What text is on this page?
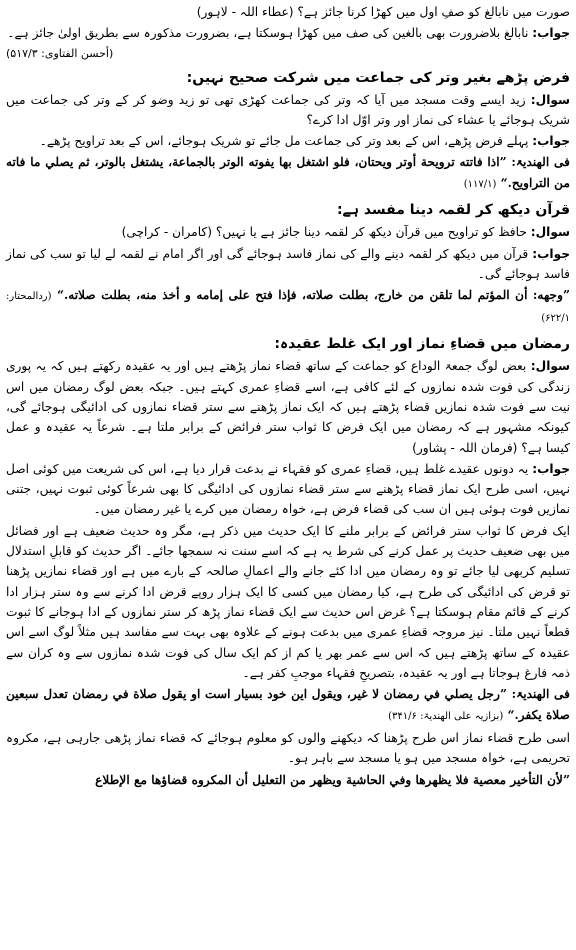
صورت میں نابالغ کو صفِ اول میں کھڑا کرنا جائز ہے؟ (عطاء اللہ - لاہور)

جواب: نابالغ بلاضرورت بھی بالغین کی صف میں کھڑا ہوسکتا ہے، بضرورت مذکورہ سے بطریق اولیٰ جائز ہے۔

(أحسن الفتاوی: ۵۱۷/۳)

فرض پڑھے بغیر وتر کی جماعت میں شرکت صحیح نہیں:

سوال: زید ایسے وقت مسجد میں آیا کہ وتر کی جماعت کھڑی تھی تو زید وضو کر کے وتر کی جماعت میں شریک ہوجائے یا عشاء کی نماز اور وتر اوّل ادا کرے؟

جواب: پہلے فرض پڑھے، اس کے بعد وتر کی جماعت مل جائے تو شریک ہوجائے، اس کے بعد تراویح پڑھے۔

فی الھندیۃ: ”اذا فاتته ترويحة أوتر ويحتان، فلو اشتغل بها يفوته الوتر بالجماعة، يشتغل بالوتر، ثم يصلي ما فاته من التراويح.“ (۱۱۷/۱)

قرآن دیکھ کر لقمہ دینا مفسد ہے:

سوال: حافظ کو تراویح میں قرآن دیکھ کر لقمہ دینا جائز ہے یا نہیں؟ (کامران - کراچی)

جواب: قرآن میں دیکھ کر لقمہ دینے والے کی نماز فاسد ہوجائے گی اور اگر امام نے لقمہ لے لیا تو سب کی نماز فاسد ہوجائے گی۔

”وجهه: أن المؤتم لما تلقن من خارج، بطلت صلاته، فإذا فتح على إمامه و أخذ منه، بطلت صلاته.“ (ردالمحتار: ۶۲۲/۱)

رمضان میں قضاءِ نماز اور ایک غلط عقیدہ:

سوال: بعض لوگ جمعۃ الوداع کو جماعت کے ساتھ قضاء نماز پڑھتے ہیں اور یہ عقیدہ رکھتے ہیں کہ یہ پوری زندگی کی فوت شدہ نمازوں کے لئے کافی ہے، اسے قضاءِ عمری کہتے ہیں۔ جبکہ بعض لوگ رمضان میں اس نیت سے فوت شدہ نمازیں قضاء پڑھتے ہیں کہ ایک نماز پڑھنے سے ستر قضاء نمازوں کی ادائیگی ہوجائے گی، کیونکہ مشہور ہے کہ رمضان میں ایک فرض کا ثواب ستر فرائض کے برابر ملتا ہے۔ شرعاً یہ عقیدہ و عمل کیسا ہے؟ (فرمان اللہ - پشاور)

جواب: یہ دونوں عقیدے غلط ہیں، قضاءِ عمری کو فقہاء نے بدعت قرار دیا ہے، اس کی شریعت میں کوئی اصل نہیں، اسی طرح ایک نماز قضاء پڑھنے سے ستر قضاء نمازوں کی ادائیگی کا بھی شرعاً کوئی ثبوت نہیں، جتنی نمازیں فوت ہوئی ہیں ان سب کی قضاء فرض ہے، خواہ رمضان میں کرے یا غیر رمضان میں۔

ایک فرض کا ثواب ستر فرائض کے برابر ملنے کا ایک حدیث میں ذکر ہے، مگر وہ حدیث ضعیف ہے اور فضائل میں بھی ضعیف حدیث پر عمل کرنے کی شرط یہ ہے کہ اسے سنت نہ سمجھا جائے۔ اگر حدیث کو قابلِ استدلال تسلیم کربھی لیا جائے تو وہ رمضان میں ادا کئے جانے والے اعمالِ صالحہ کے بارے میں ہے اور قضاء نمازیں پڑھنا تو قرض کی ادائیگی کی طرح ہے، کیا رمضان میں کسی کا ایک ہزار روپے قرض ادا کرنے سے وہ ستر ہزار ادا کرنے کے قائم مقام ہوسکتا ہے؟ غرض اس حدیث سے ایک قضاء نماز پڑھ کر ستر نمازوں کے ادا ہوجانے کا ثبوت قطعاً نہیں ملتا۔ نیز مروجہ قضاءِ عمری میں بدعت ہونے کے علاوہ بھی بہت سے مفاسد ہیں مثلاً لوگ اسے اس عقیدہ کے ساتھ پڑھتے ہیں کہ اس سے عمر بھر یا کم از کم ایک سال کی فوت شدہ نمازوں سے وہ کران سے ذمہ فارغ ہوجاتا ہے اور یہ عقیدہ، بتصریحِ فقہاء موجبِ کفر ہے۔

فی الھندیۃ: ”رجل يصلي في رمضان لا غير، ويقول اين خود بسيار است او يقول صلاة في رمضان تعدل سبعين صلاة يكفر.“ (بزازیہ علی الھندیۃ: ۳۴۱/۶)

اسی طرح قضاء نماز اس طرح پڑھنا کہ دیکھنے والوں کو معلوم ہوجائے کہ قضاء نماز پڑھی جارہی ہے، مکروہ تحریمی ہے، خواہ مسجد میں ہو یا مسجد سے باہر ہو۔

”لأن التأخير معصية فلا يظهرها وفي الحاشية ويظهر من التعليل أن المكروه قضاؤها مع الإطلاع
